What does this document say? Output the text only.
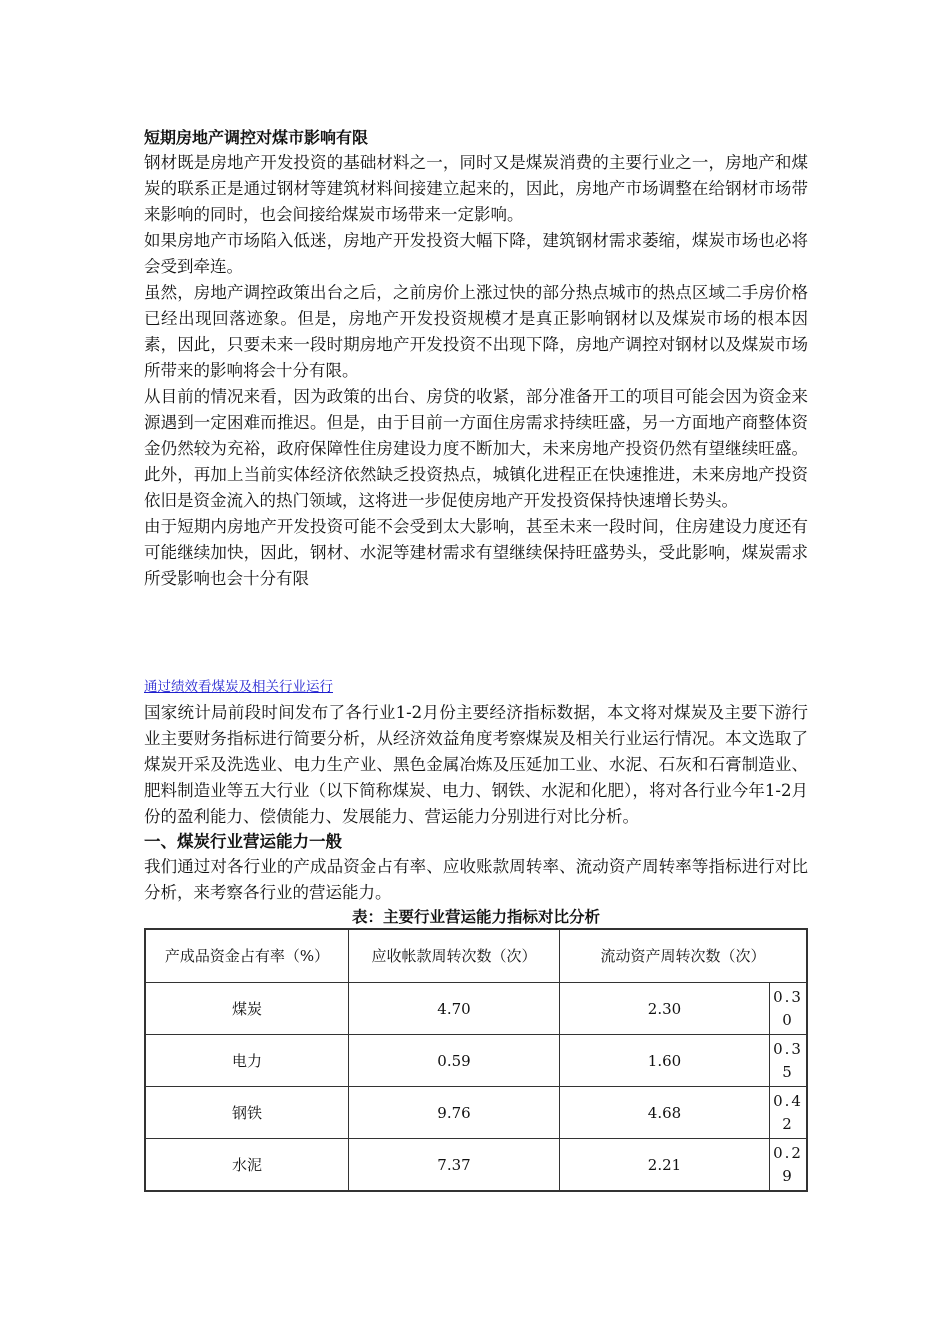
短期房地产调控对煤市影响有限

钢材既是房地产开发投资的基础材料之一，同时又是煤炭消费的主要行业之一，房地产和煤炭的联系正是通过钢材等建筑材料间接建立起来的，因此，房地产市场调整在给钢材市场带来影响的同时，也会间接给煤炭市场带来一定影响。

如果房地产市场陷入低迷，房地产开发投资大幅下降，建筑钢材需求萎缩，煤炭市场也必将会受到牵连。

虽然，房地产调控政策出台之后，之前房价上涨过快的部分热点城市的热点区域二手房价格已经出现回落迹象。但是，房地产开发投资规模才是真正影响钢材以及煤炭市场的根本因素，因此，只要未来一段时期房地产开发投资不出现下降，房地产调控对钢材以及煤炭市场所带来的影响将会十分有限。

从目前的情况来看，因为政策的出台、房贷的收紧，部分准备开工的项目可能会因为资金来源遇到一定困难而推迟。但是，由于目前一方面住房需求持续旺盛，另一方面地产商整体资金仍然较为充裕，政府保障性住房建设力度不断加大，未来房地产投资仍然有望继续旺盛。此外，再加上当前实体经济依然缺乏投资热点，城镇化进程正在快速推进，未来房地产投资依旧是资金流入的热门领域，这将进一步促使房地产开发投资保持快速增长势头。

由于短期内房地产开发投资可能不会受到太大影响，甚至未来一段时间，住房建设力度还有可能继续加快，因此，钢材、水泥等建材需求有望继续保持旺盛势头，受此影响，煤炭需求所受影响也会十分有限

通过绩效看煤炭及相关行业运行

国家统计局前段时间发布了各行业1-2月份主要经济指标数据，本文将对煤炭及主要下游行业主要财务指标进行简要分析，从经济效益角度考察煤炭及相关行业运行情况。本文选取了煤炭开采及洗选业、电力生产业、黑色金属冶炼及压延加工业、水泥、石灰和石膏制造业、肥料制造业等五大行业（以下简称煤炭、电力、钢铁、水泥和化肥），将对各行业今年1-2月份的盈利能力、偿债能力、发展能力、营运能力分别进行对比分析。

一、煤炭行业营运能力一般

我们通过对各行业的产成品资金占有率、应收账款周转率、流动资产周转率等指标进行对比分析，来考察各行业的营运能力。

表：主要行业营运能力指标对比分析

产成品资金占有率（%）	应收帐款周转次数（次）	流动资产周转次数（次）	
煤炭	4.70	2.30	0.30
电力	0.59	1.60	0.35
钢铁	9.76	4.68	0.42
水泥	7.37	2.21	0.29
